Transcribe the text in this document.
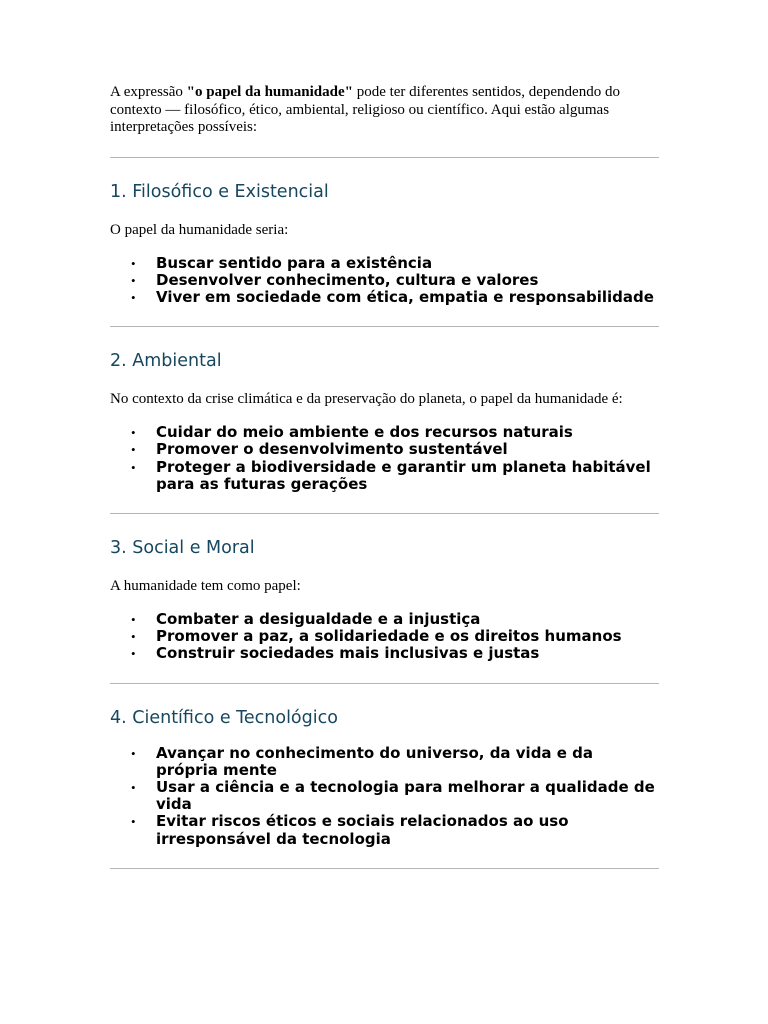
A expressão "o papel da humanidade" pode ter diferentes sentidos, dependendo do contexto — filosófico, ético, ambiental, religioso ou científico. Aqui estão algumas interpretações possíveis:

1. Filosófico e Existencial

O papel da humanidade seria:

• Buscar sentido para a existência
• Desenvolver conhecimento, cultura e valores
• Viver em sociedade com ética, empatia e responsabilidade
2. Ambiental

No contexto da crise climática e da preservação do planeta, o papel da humanidade é:

• Cuidar do meio ambiente e dos recursos naturais
• Promover o desenvolvimento sustentável
• Proteger a biodiversidade e garantir um planeta habitável para as futuras gerações
3. Social e Moral

A humanidade tem como papel:

• Combater a desigualdade e a injustiça
• Promover a paz, a solidariedade e os direitos humanos
• Construir sociedades mais inclusivas e justas
4. Científico e Tecnológico
• Avançar no conhecimento do universo, da vida e da própria mente
• Usar a ciência e a tecnologia para melhorar a qualidade de vida
• Evitar riscos éticos e sociais relacionados ao uso irresponsável da tecnologia
